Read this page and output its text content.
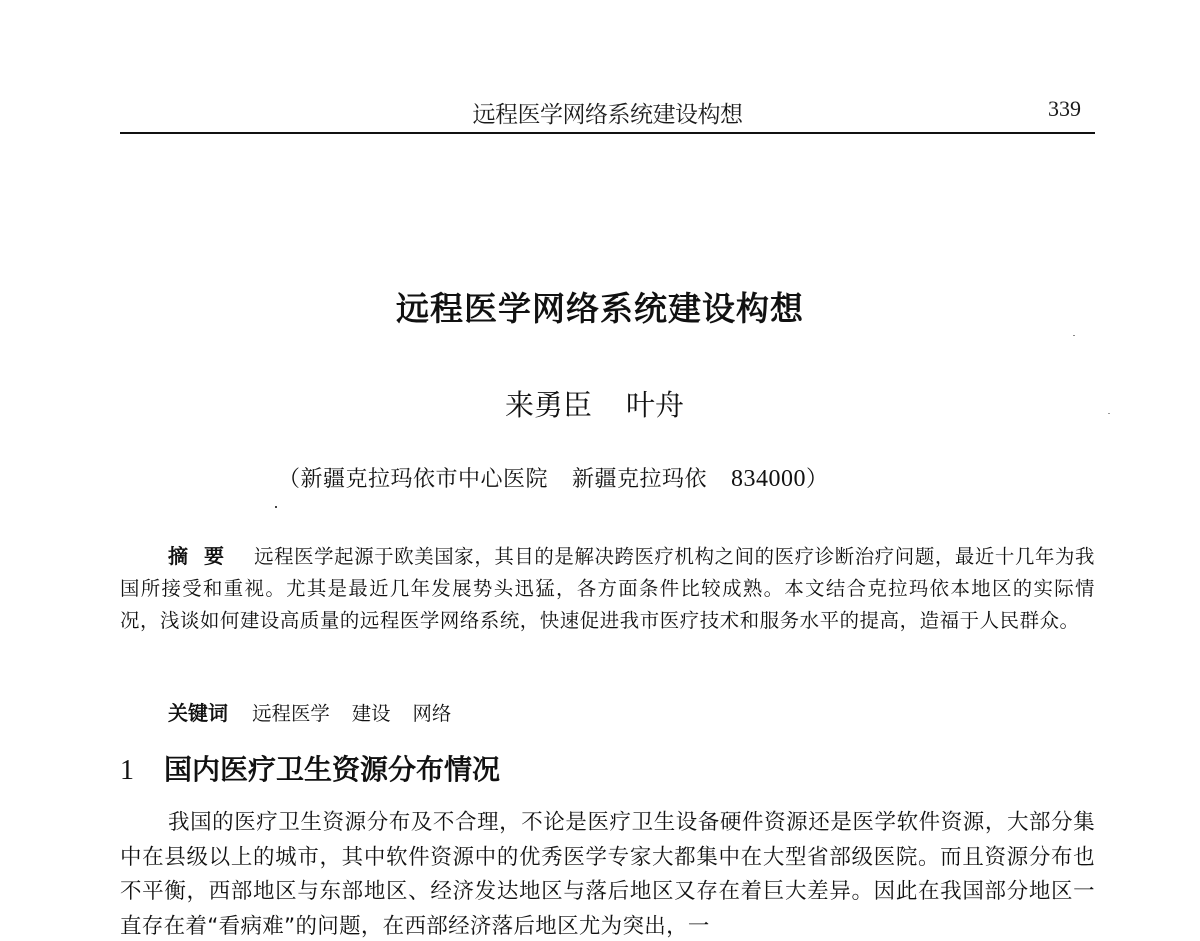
远程医学网络系统建设构想	339
远程医学网络系统建设构想
来勇臣 叶舟
（新疆克拉玛依市中心医院 新疆克拉玛依 834000）
摘要 远程医学起源于欧美国家，其目的是解决跨医疗机构之间的医疗诊断治疗问题，最近十几年为我国所接受和重视。尤其是最近几年发展势头迅猛，各方面条件比较成熟。本文结合克拉玛依本地区的实际情况，浅谈如何建设高质量的远程医学网络系统，快速促进我市医疗技术和服务水平的提高，造福于人民群众。
关键词 远程医学 建设 网络
1 国内医疗卫生资源分布情况

我国的医疗卫生资源分布及不合理，不论是医疗卫生设备硬件资源还是医学软件资源，大部分集中在县级以上的城市，其中软件资源中的优秀医学专家大都集中在大型省部级医院。而且资源分布也不平衡，西部地区与东部地区、经济发达地区与落后地区又存在着巨大差异。因此在我国部分地区一直存在着“看病难”的问题，在西部经济落后地区尤为突出，一
